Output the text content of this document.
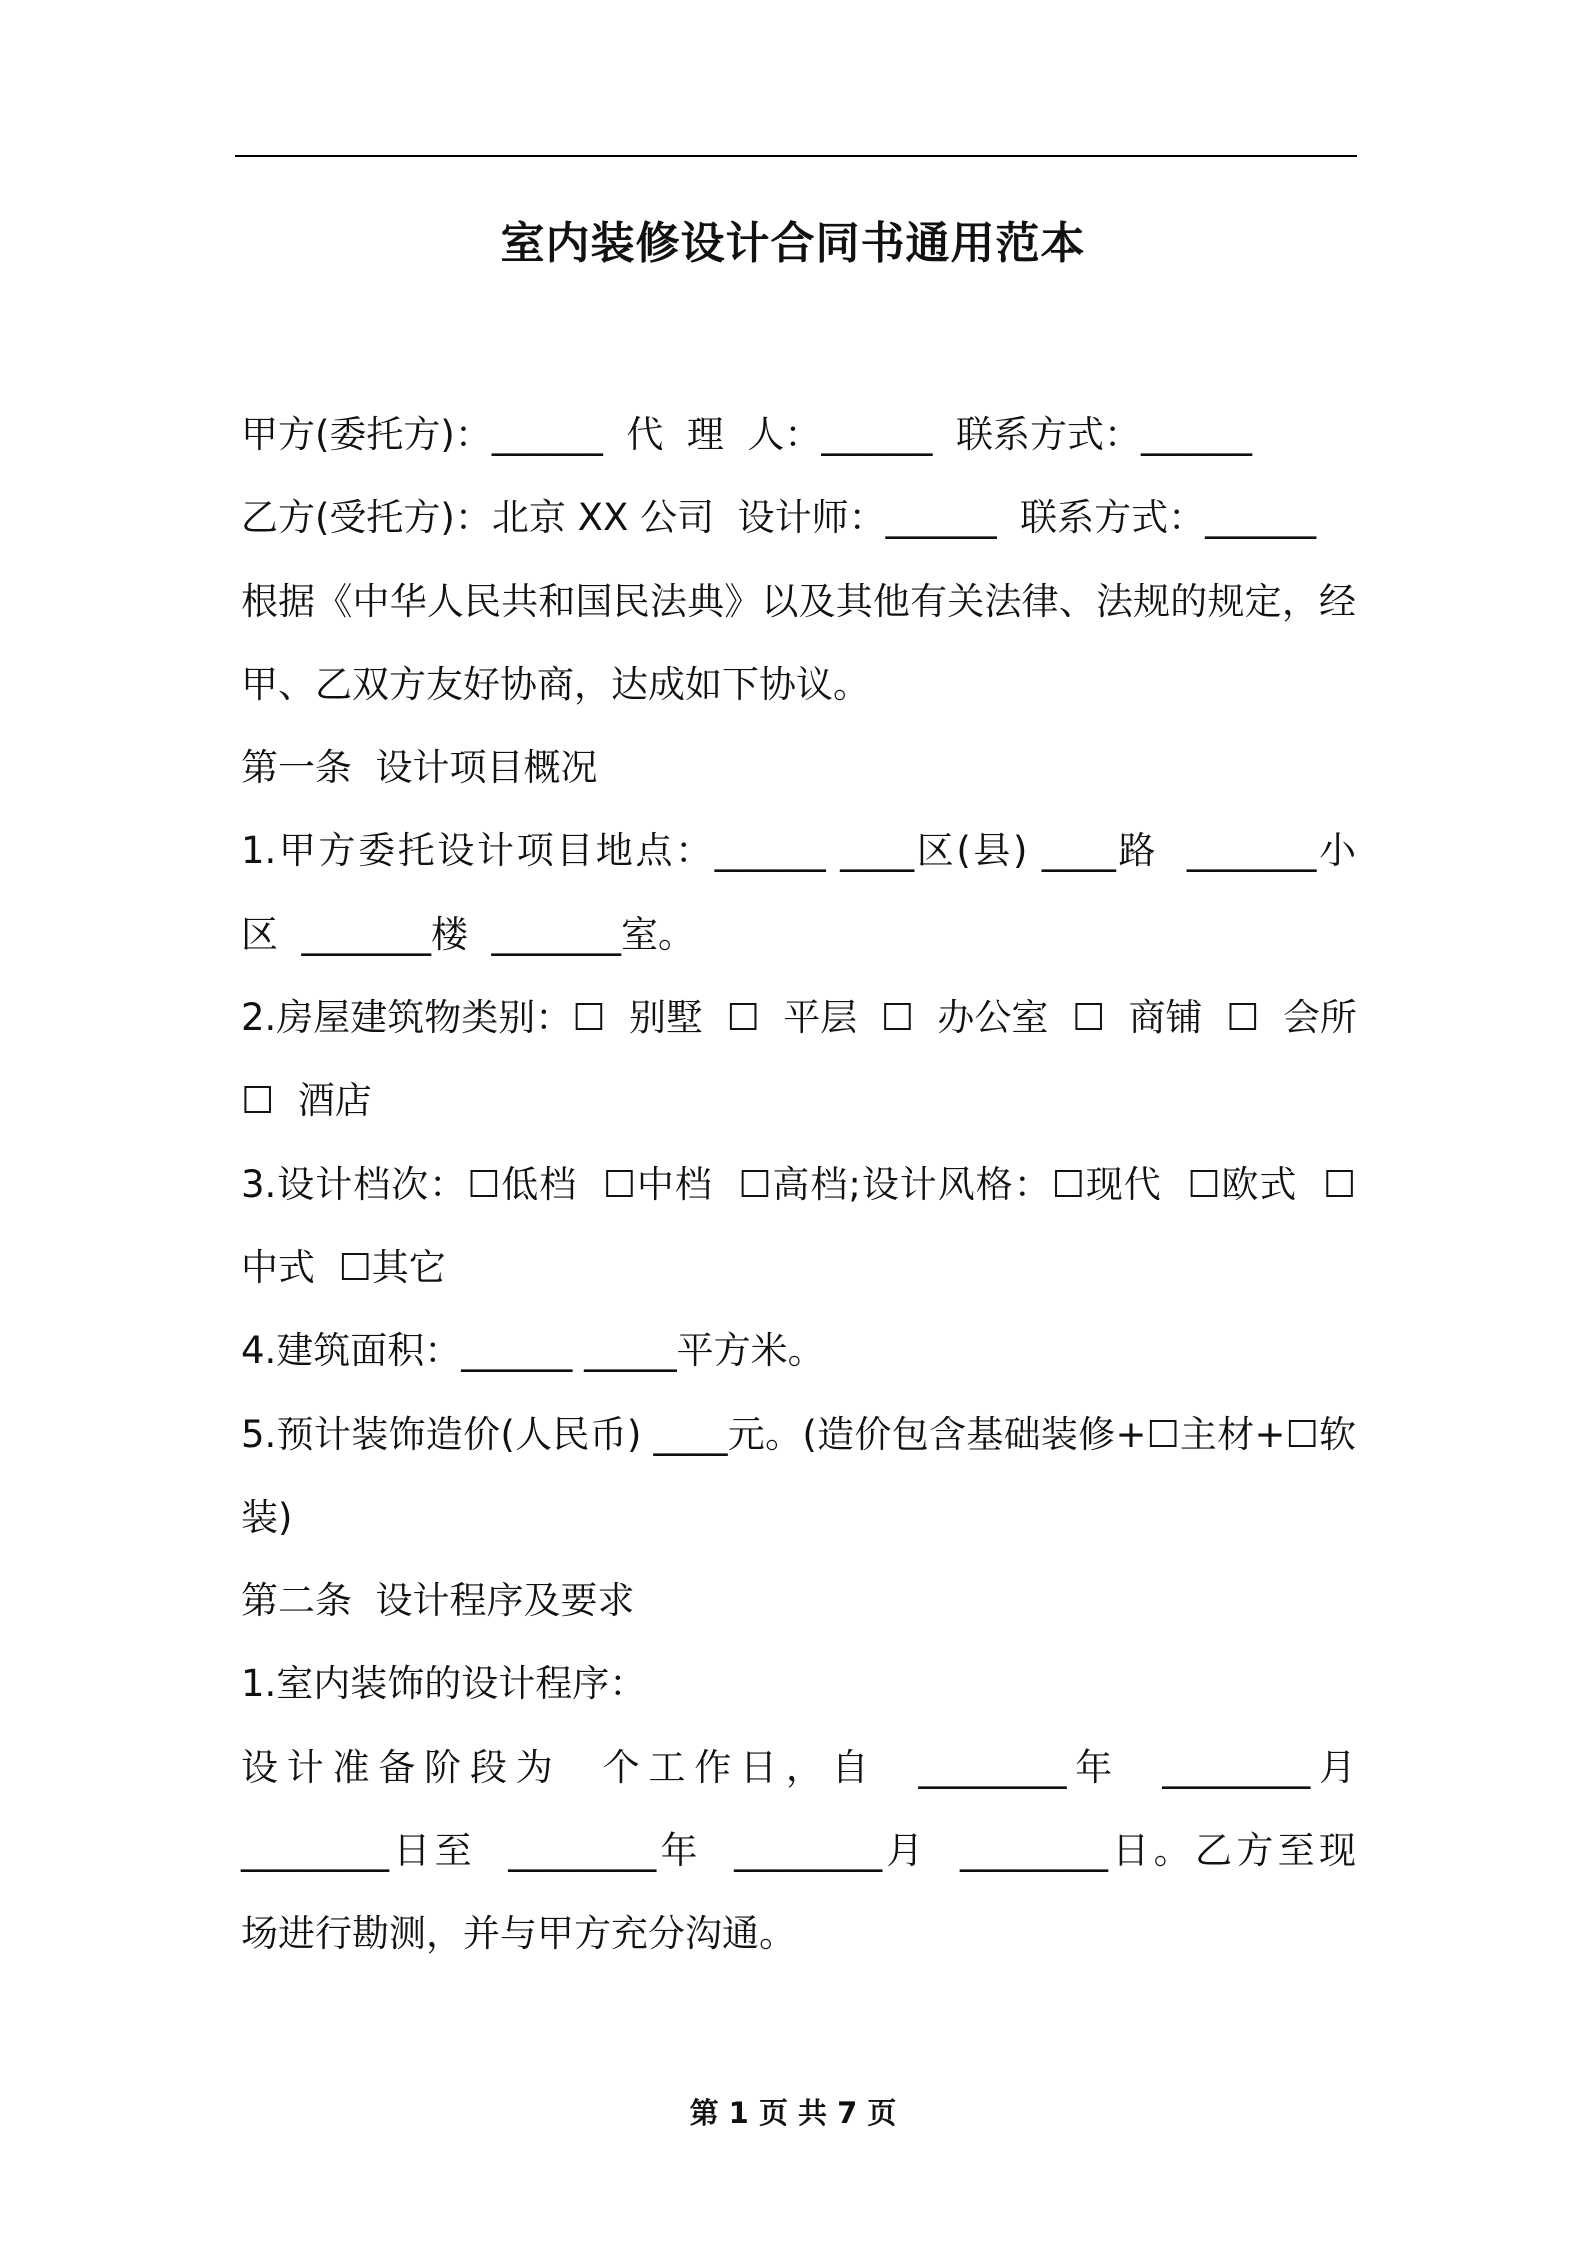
室内装修设计合同书通用范本
甲方(委托方)：______  代  理  人：______  联系方式：______
乙方(受托方)：北京 XX 公司  设计师：______  联系方式：______
根据《中华人民共和国民法典》以及其他有关法律、法规的规定，经
甲、乙双方友好协商，达成如下协议。
第一条  设计项目概况
1.甲方委托设计项目地点：______ ____区(县) ____路  _______小
区  _______楼  _______室。
2.房屋建筑物类别：☐  别墅  ☐  平层  ☐  办公室  ☐  商铺  ☐  会所
☐  酒店
3.设计档次：☐低档  ☐中档  ☐高档;设计风格：☐现代  ☐欧式  ☐
中式  ☐其它
4.建筑面积：______ _____平方米。
5.预计装饰造价(人民币) ____元。(造价包含基础装修+☐主材+☐软
装)
第二条  设计程序及要求
1.室内装饰的设计程序：
设计准备阶段为  个工作日，自  ________年  ________月
________日至  ________年  ________月  ________日。乙方至现
场进行勘测，并与甲方充分沟通。
第 1 页 共 7 页
